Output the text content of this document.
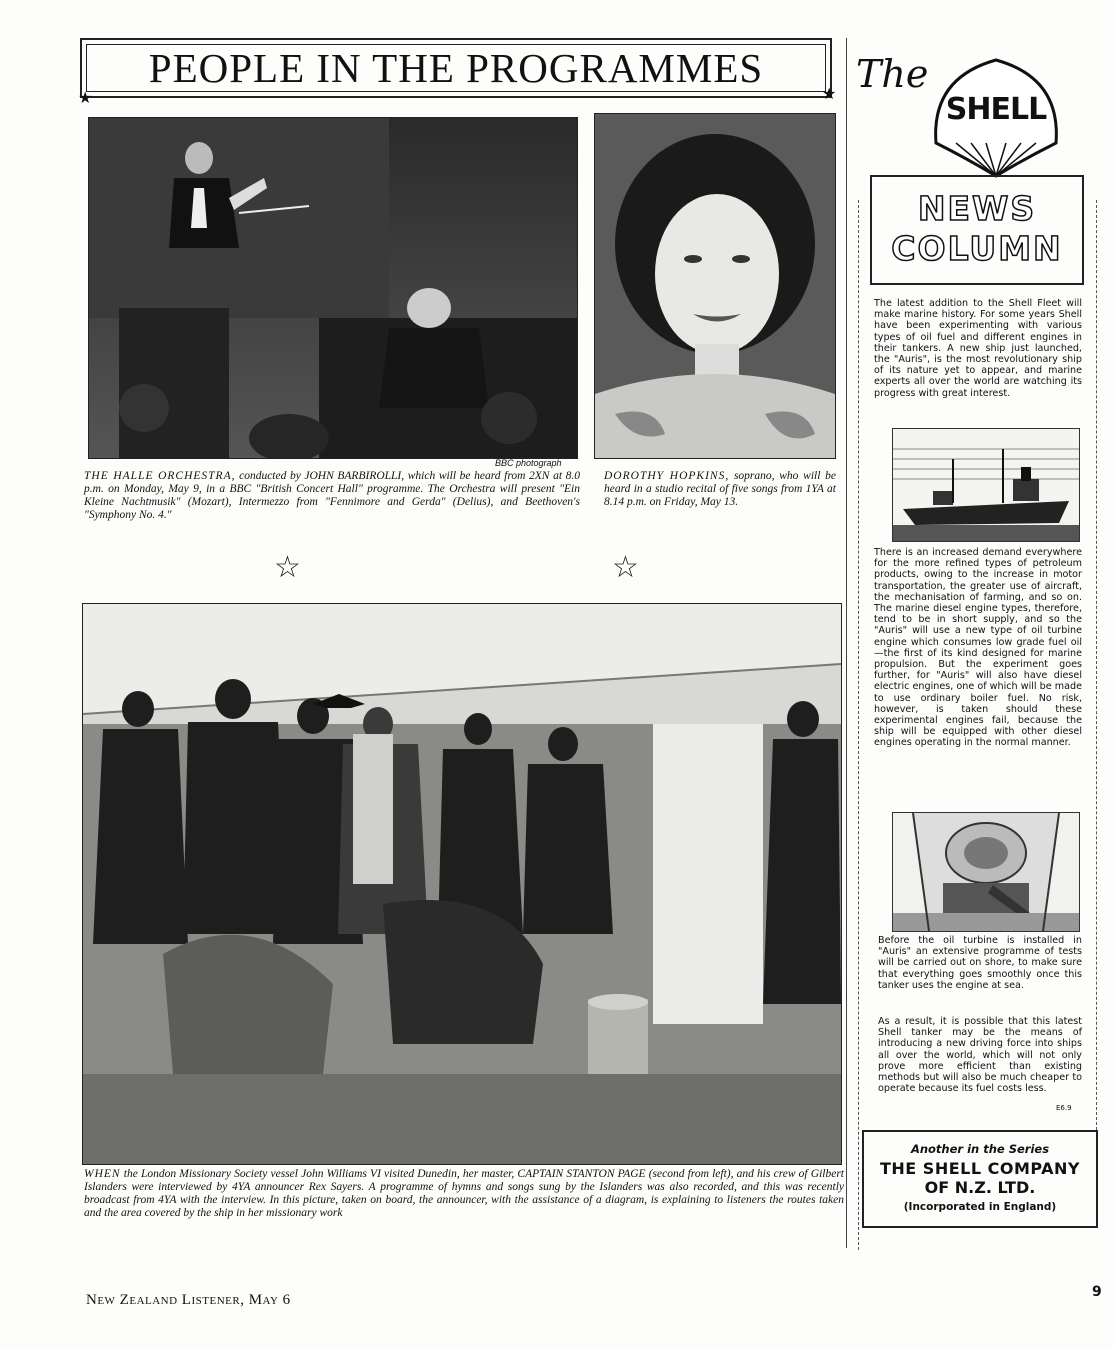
PEOPLE IN THE PROGRAMMES
★	★
BBC photograph
THE HALLE ORCHESTRA, conducted by JOHN BARBIROLLI, which will be heard from 2XN at 8.0 p.m. on Monday, May 9, in a BBC "British Concert Hall" programme. The Orchestra will present "Ein Kleine Nachtmusik" (Mozart), Intermezzo from "Fennimore and Gerda" (Delius), and Beethoven's "Symphony No. 4."
DOROTHY HOPKINS, soprano, who will be heard in a studio recital of five songs from 1YA at 8.14 p.m. on Friday, May 13.
☆	☆
WHEN the London Missionary Society vessel John Williams VI visited Dunedin, her master, CAPTAIN STANTON PAGE (second from left), and his crew of Gilbert Islanders were interviewed by 4YA announcer Rex Sayers. A programme of hymns and songs sung by the Islanders was also recorded, and this was recently broadcast from 4YA with the interview. In this picture, taken on board, the announcer, with the assistance of a diagram, is explaining to listeners the routes taken and the area covered by the ship in her missionary work
The
SHELL
NEWS
COLUMN
The latest addition to the Shell Fleet will make marine history. For some years Shell have been experimenting with various types of oil fuel and different engines in their tankers. A new ship just launched, the "Auris", is the most revolutionary ship of its nature yet to appear, and marine experts all over the world are watching its progress with great interest.
There is an increased demand everywhere for the more refined types of petroleum products, owing to the increase in motor transportation, the greater use of aircraft, the mechanisation of farming, and so on. The marine diesel engine types, therefore, tend to be in short supply, and so the "Auris" will use a new type of oil turbine engine which consumes low grade fuel oil—the first of its kind designed for marine propulsion. But the experiment goes further, for "Auris" will also have diesel electric engines, one of which will be made to use ordinary boiler fuel. No risk, however, is taken should these experimental engines fail, because the ship will be equipped with other diesel engines operating in the normal manner.
Before the oil turbine is installed in "Auris" an extensive programme of tests will be carried out on shore, to make sure that everything goes smoothly once this tanker uses the engine at sea.
As a result, it is possible that this latest Shell tanker may be the means of introducing a new driving force into ships all over the world, which will not only prove more efficient than existing methods but will also be much cheaper to operate because its fuel costs less.
E6.9
Another in the Series
THE SHELL COMPANY
OF N.Z. LTD.
(Incorporated in England)
New Zealand Listener, May 6	9
